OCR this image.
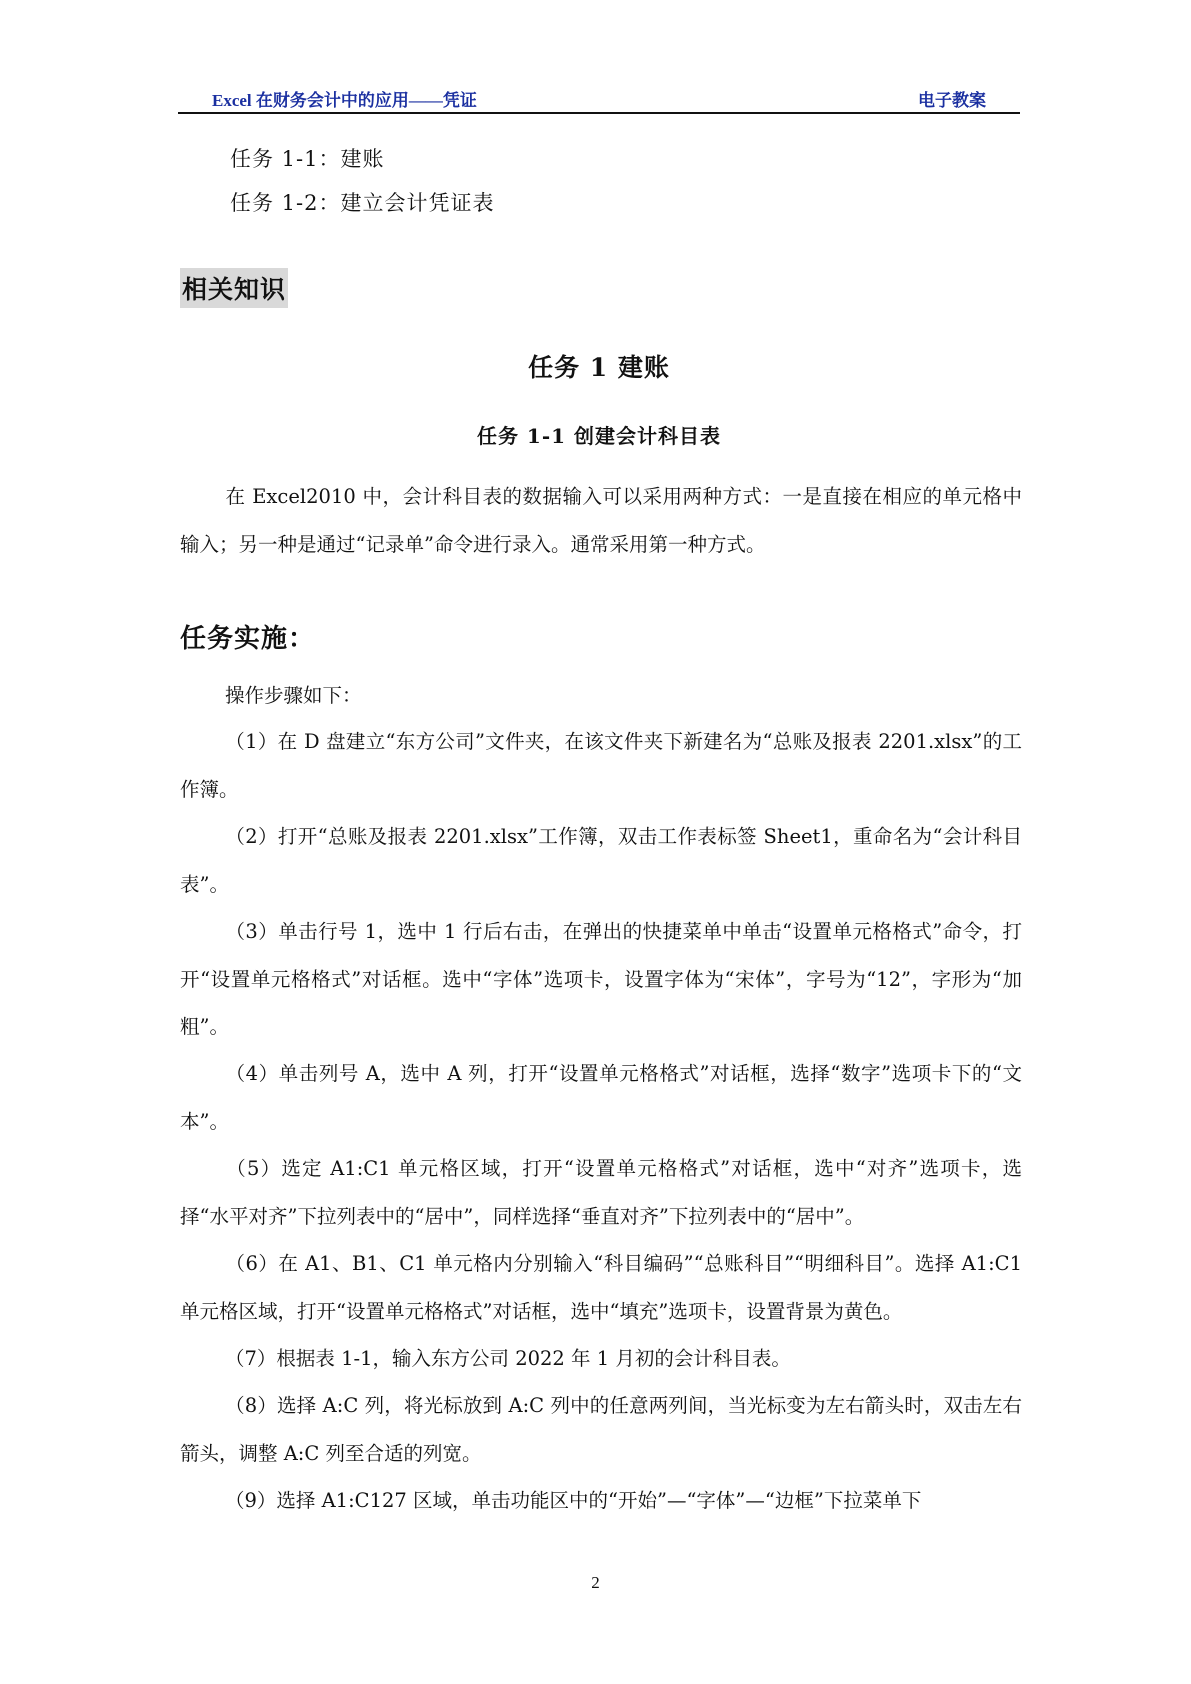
Excel 在财务会计中的应用——凭证	电子教案
任务 1-1：建账
任务 1-2：建立会计凭证表
相关知识
任务 1 建账
任务 1-1 创建会计科目表

在 Excel2010 中，会计科目表的数据输入可以采用两种方式：一是直接在相应的单元格中输入；另一种是通过“记录单”命令进行录入。通常采用第一种方式。

任务实施：

操作步骤如下：

（1）在 D 盘建立“东方公司”文件夹，在该文件夹下新建名为“总账及报表 2201.xlsx”的工作簿。

（2）打开“总账及报表 2201.xlsx”工作簿，双击工作表标签 Sheet1，重命名为“会计科目表”。

（3）单击行号 1，选中 1 行后右击，在弹出的快捷菜单中单击“设置单元格格式”命令，打开“设置单元格格式”对话框。选中“字体”选项卡，设置字体为“宋体”，字号为“12”，字形为“加粗”。

（4）单击列号 A，选中 A 列，打开“设置单元格格式”对话框，选择“数字”选项卡下的“文本”。

（5）选定 A1:C1 单元格区域，打开“设置单元格格式”对话框，选中“对齐”选项卡，选择“水平对齐”下拉列表中的“居中”，同样选择“垂直对齐”下拉列表中的“居中”。

（6）在 A1、B1、C1 单元格内分别输入“科目编码”“总账科目”“明细科目”。选择 A1:C1 单元格区域，打开“设置单元格格式”对话框，选中“填充”选项卡，设置背景为黄色。

（7）根据表 1-1，输入东方公司 2022 年 1 月初的会计科目表。

（8）选择 A:C 列，将光标放到 A:C 列中的任意两列间，当光标变为左右箭头时，双击左右箭头，调整 A:C 列至合适的列宽。

（9）选择 A1:C127 区域，单击功能区中的“开始”—“字体”—“边框”下拉菜单下

2
